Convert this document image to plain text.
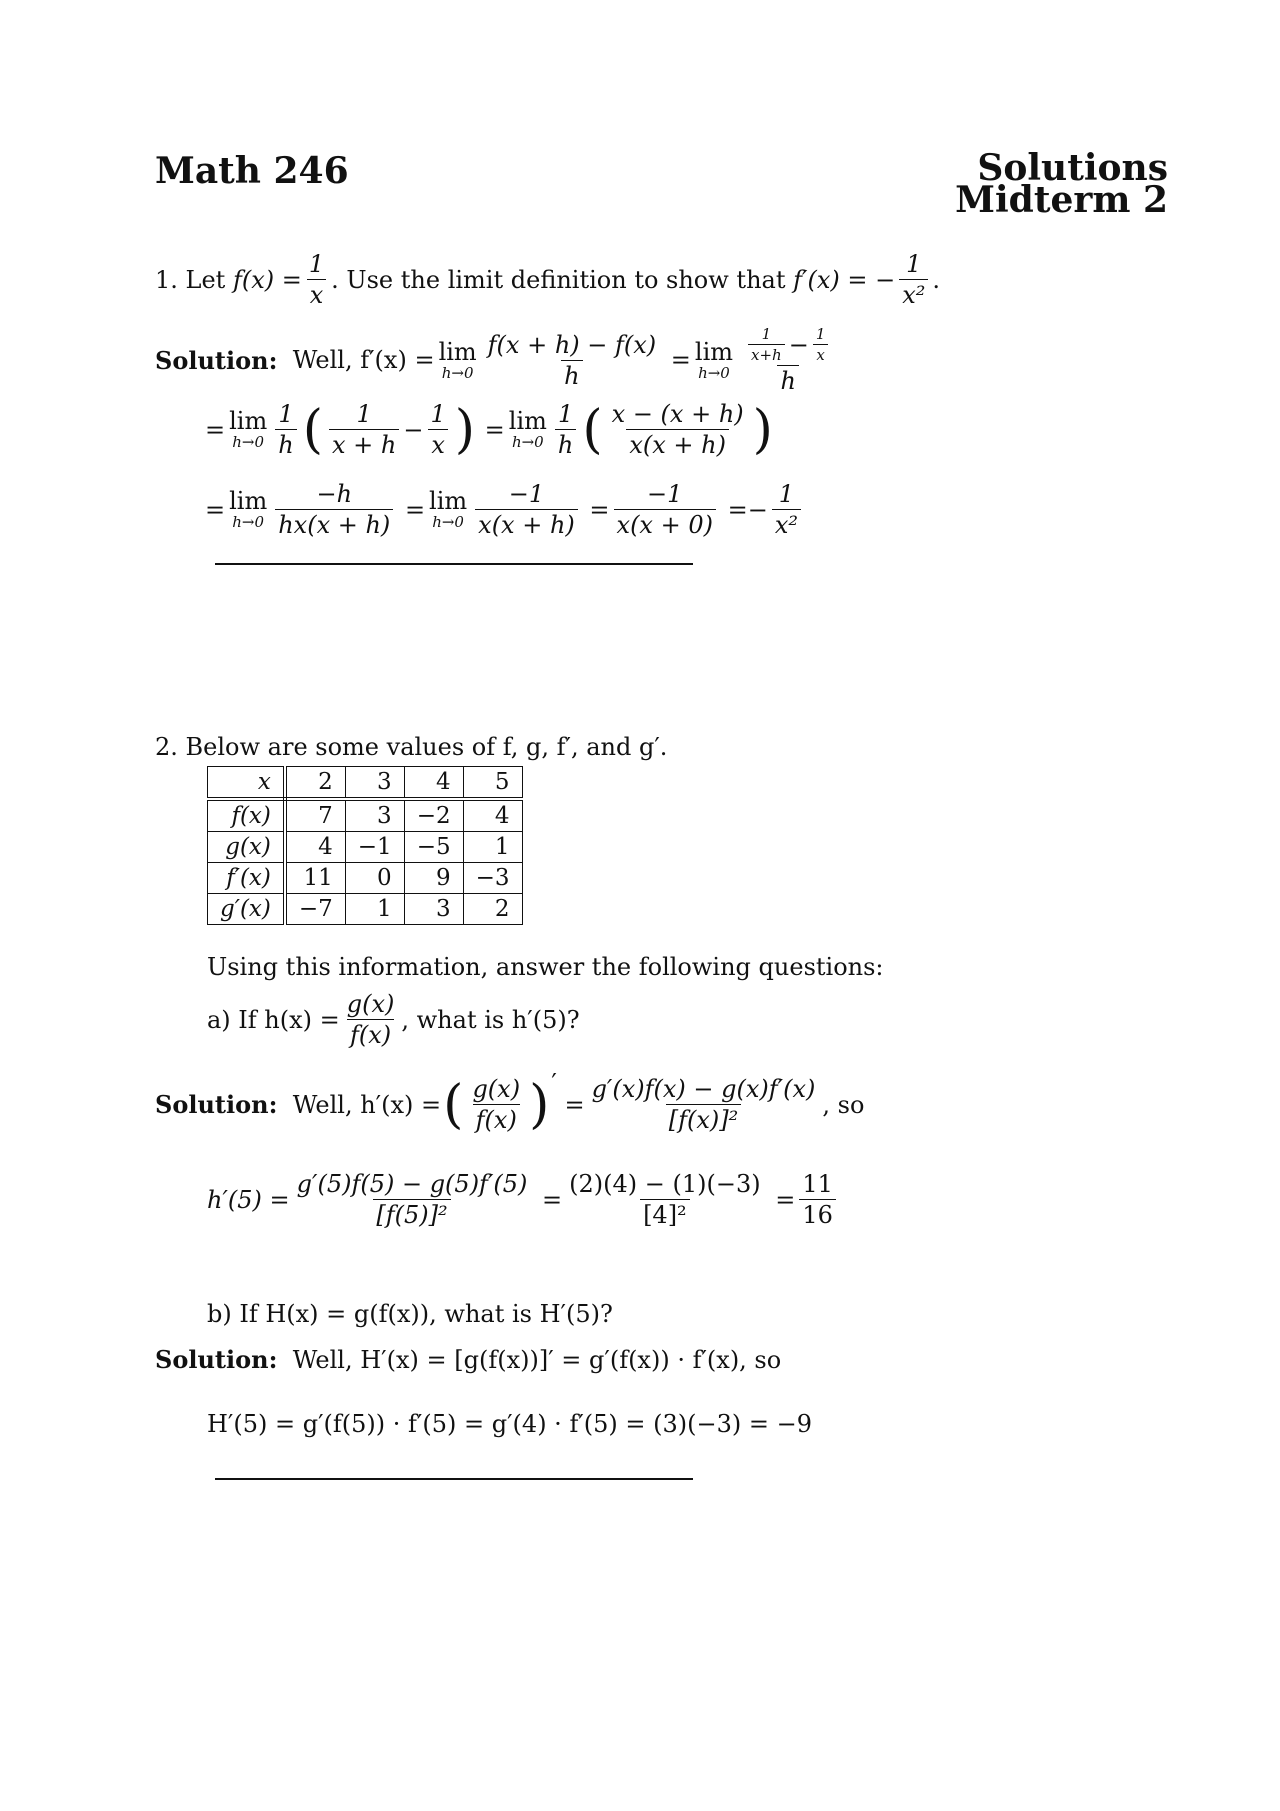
Math 246	Solutions
Midterm 2
1. Let
$f(x) = \frac{1}{x}$ . Use the limit definition to show that
f′(x) = − $\frac{1}{\text{x²}}$ .
Solution:
Well, f′(x) = lim
$h\to 0 \frac{f(x + h) - f(x)}{h}$
= lim
$h\to 0 \frac{\frac{1}{x+h} - \frac{1}{x}}{h}$
= lim
$h\to 0 \frac{1}{h}$ ( $\frac{1}{x + h} - \frac{1}{x}$ )
= lim
$h\to 0 \frac{1}{h}$ ( $\frac{x - (x + h)}{x(x + h)}$ )
= lim
$h\to 0 \frac{-h}{hx(x + h)}$
= lim
$h\to 0 \frac{-1}{x(x + h)}$
= $\frac{-1}{x(x + 0)}$
= − $\frac{1}{\text{x²}}$
2. Below are some values of f, g, f′, and g′.
x	2	3	4	5
f(x)	7	3	−2	4
g(x)	4	−1	−5	1
f′(x)	11	0	9	−3
g′(x)	−7	1	3	2
Using this information, answer the following questions:
a) If $h(x) = \frac{g(x)}{f(x)}$ , what is h′(5)?
Solution:
Well, h′(x) = ( $\frac{g(x)}{f(x)}$ ) ′

= $\frac{g'(x)f(x) - g(x)f'(x)}{\text{[f(x)]²}}$ , so
$h'(5) = \frac{g'(5)f(5) - g(5)f'(5)}{\text{[f(5)]²}}$
= $\frac{(2)(4) - (1)(-3)}{\text{[4]²}}$
= $\frac{11}{16}$
b) If H(x) = g(f(x)), what is H′(5)?
Solution:
Well, H′(x) = [g(f(x))]′ = g′(f(x)) · f′(x), so
H′(5) = g′(f(5)) · f′(5) = g′(4) · f′(5) = (3)(−3) = −9
